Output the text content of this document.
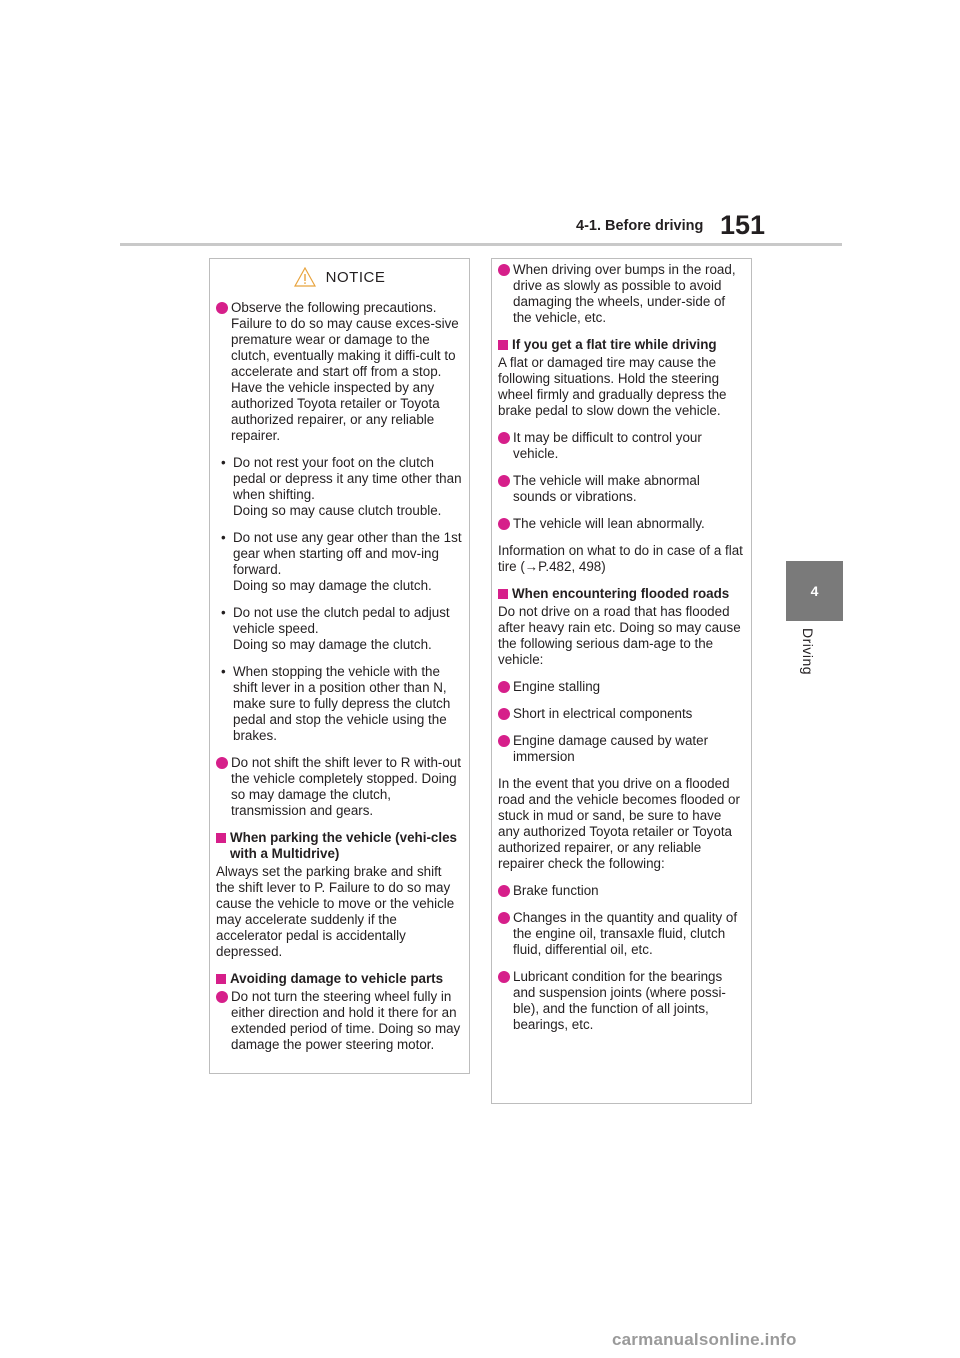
4-1. Before driving 151
4
Driving
NOTICE
Observe the following precautions. Failure to do so may cause exces-sive premature wear or damage to the clutch, eventually making it diffi-cult to accelerate and start off from a stop. Have the vehicle inspected by any authorized Toyota retailer or Toyota authorized repairer, or any reliable repairer.
• Do not rest your foot on the clutch pedal or depress it any time other than when shifting.
Doing so may cause clutch trouble.
• Do not use any gear other than the 1st gear when starting off and mov-ing forward.
Doing so may damage the clutch.
• Do not use the clutch pedal to adjust vehicle speed.
Doing so may damage the clutch.
• When stopping the vehicle with the shift lever in a position other than N, make sure to fully depress the clutch pedal and stop the vehicle using the brakes.
Do not shift the shift lever to R with-out the vehicle completely stopped. Doing so may damage the clutch, transmission and gears.
When parking the vehicle (vehi-cles with a Multidrive)

Always set the parking brake and shift the shift lever to P. Failure to do so may cause the vehicle to move or the vehicle may accelerate suddenly if the accelerator pedal is accidentally depressed.

Avoiding damage to vehicle parts
Do not turn the steering wheel fully in either direction and hold it there for an extended period of time. Doing so may damage the power steering motor.
When driving over bumps in the road, drive as slowly as possible to avoid damaging the wheels, under-side of the vehicle, etc.
If you get a flat tire while driving

A flat or damaged tire may cause the following situations. Hold the steering wheel firmly and gradually depress the brake pedal to slow down the vehicle.

It may be difficult to control your vehicle.
The vehicle will make abnormal sounds or vibrations.
The vehicle will lean abnormally.

Information on what to do in case of a flat tire (→P.482, 498)

When encountering flooded roads

Do not drive on a road that has flooded after heavy rain etc. Doing so may cause the following serious dam-age to the vehicle:

Engine stalling
Short in electrical components
Engine damage caused by water immersion

In the event that you drive on a flooded road and the vehicle becomes flooded or stuck in mud or sand, be sure to have any authorized Toyota retailer or Toyota authorized repairer, or any reliable repairer check the following:

Brake function
Changes in the quantity and quality of the engine oil, transaxle fluid, clutch fluid, differential oil, etc.
Lubricant condition for the bearings and suspension joints (where possi-ble), and the function of all joints, bearings, etc.
carmanualsonline.info
